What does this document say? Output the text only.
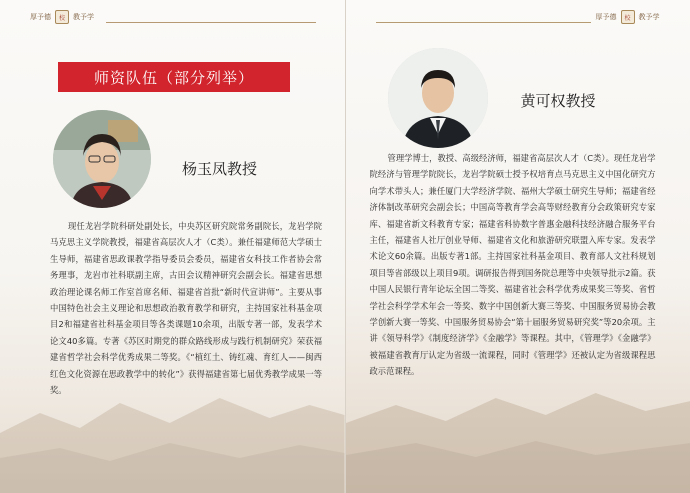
厚予德	校	教予学
师资队伍（部分列举）
杨玉凤教授
现任龙岩学院科研处副处长，中央苏区研究院常务副院长，龙岩学院马克思主义学院教授，福建省高层次人才（C类）。兼任福建师范大学硕士生导师，福建省思政课教学指导委员会委员，福建省女科技工作者协会常务理事，龙岩市社科联副主席，古田会议精神研究会副会长。福建省思想政治理论课名师工作室首席名师、福建省首批“新时代宣讲师”。主要从事中国特色社会主义理论和思想政治教育教学和研究，主持国家社科基金项目2和福建省社科基金项目等各类课题10余项，出版专著一部，发表学术论文40多篇。专著《苏区时期党的群众路线形成与践行机制研究》荣获福建省哲学社会科学优秀成果二等奖。《“植红土、铸红魂、育红人——闽西红色文化资源在思政教学中的转化”》获得福建省第七届优秀教学成果一等奖。
厚予德	校	教予学
黄可权教授
管理学博士，教授、高级经济师，福建省高层次人才（C类）。现任龙岩学院经济与管理学院院长，龙岩学院硕士授予权培育点马克思主义中国化研究方向学术带头人；兼任厦门大学经济学院、福州大学硕士研究生导师；福建省经济体制改革研究会副会长；中国高等教育学会高等财经教育分会政策研究专家库、福建省新文科教育专家；福建省科协数字普惠金融科技经济融合服务平台主任，福建省人社厅创业导师、福建省文化和旅游研究联盟入库专家。发表学术论文60余篇。出版专著1部。主持国家社科基金项目、教育部人文社科规划项目等省部级以上项目9项。调研报告得到国务院总理等中央领导批示2篇。获中国人民银行青年论坛全国二等奖、福建省社会科学优秀成果奖三等奖、省哲学社会科学学术年会一等奖、数字中国创新大赛三等奖、中国服务贸易协会教学创新大赛一等奖、中国服务贸易协会“第十届服务贸易研究奖”等20余项。主讲《领导科学》《制度经济学》《金融学》等课程。其中，《管理学》《金融学》被福建省教育厅认定为省级一流课程，同时《管理学》还被认定为省级课程思政示范课程。
